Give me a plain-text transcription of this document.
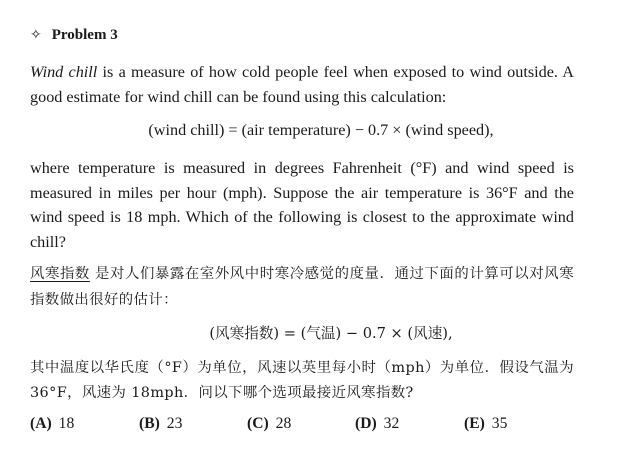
✧ Problem 3
Wind chill is a measure of how cold people feel when exposed to wind outside. A good estimate for wind chill can be found using this calculation:
(wind chill) = (air temperature) − 0.7 × (wind speed),
where temperature is measured in degrees Fahrenheit (°F) and wind speed is measured in miles per hour (mph). Suppose the air temperature is 36°F and the wind speed is 18 mph. Which of the following is closest to the approximate wind chill?
风寒指数 是对人们暴露在室外风中时寒冷感觉的度量．通过下面的计算可以对风寒指数做出很好的估计：
(风寒指数) = (气温) − 0.7 × (风速),
其中温度以华氏度（°F）为单位，风速以英里每小时（mph）为单位．假设气温为 36°F，风速为 18mph．问以下哪个选项最接近风寒指数?
(A) 18	(B) 23	(C) 28	(D) 32	(E) 35
